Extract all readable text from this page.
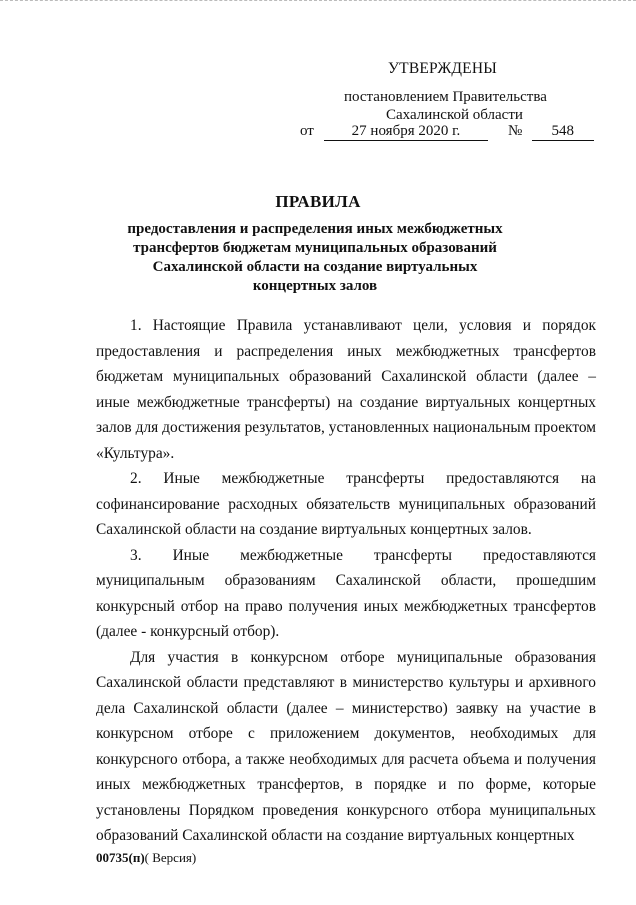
УТВЕРЖДЕНЫ
постановлением Правительства
Сахалинской области
от	27 ноября 2020 г.	№	548
ПРАВИЛА
предоставления и распределения иных межбюджетных трансфертов бюджетам муниципальных образований Сахалинской области на создание виртуальных концертных залов

1. Настоящие Правила устанавливают цели, условия и порядок предоставления и распределения иных межбюджетных трансфертов бюджетам муниципальных образований Сахалинской области (далее – иные межбюджетные трансферты) на создание виртуальных концертных залов для достижения результатов, установленных национальным проектом «Культура».

2. Иные межбюджетные трансферты предоставляются на софинансирование расходных обязательств муниципальных образований Сахалинской области на создание виртуальных концертных залов.

3. Иные межбюджетные трансферты предоставляются муниципальным образованиям Сахалинской области, прошедшим конкурсный отбор на право получения иных межбюджетных трансфертов (далее - конкурсный отбор).

Для участия в конкурсном отборе муниципальные образования Сахалинской области представляют в министерство культуры и архивного дела Сахалинской области (далее – министерство) заявку на участие в конкурсном отборе с приложением документов, необходимых для конкурсного отбора, а также необходимых для расчета объема и получения иных межбюджетных трансфертов, в порядке и по форме, которые установлены Порядком проведения конкурсного отбора муниципальных образований Сахалинской области на создание виртуальных концертных

00735(п)( Версия)
